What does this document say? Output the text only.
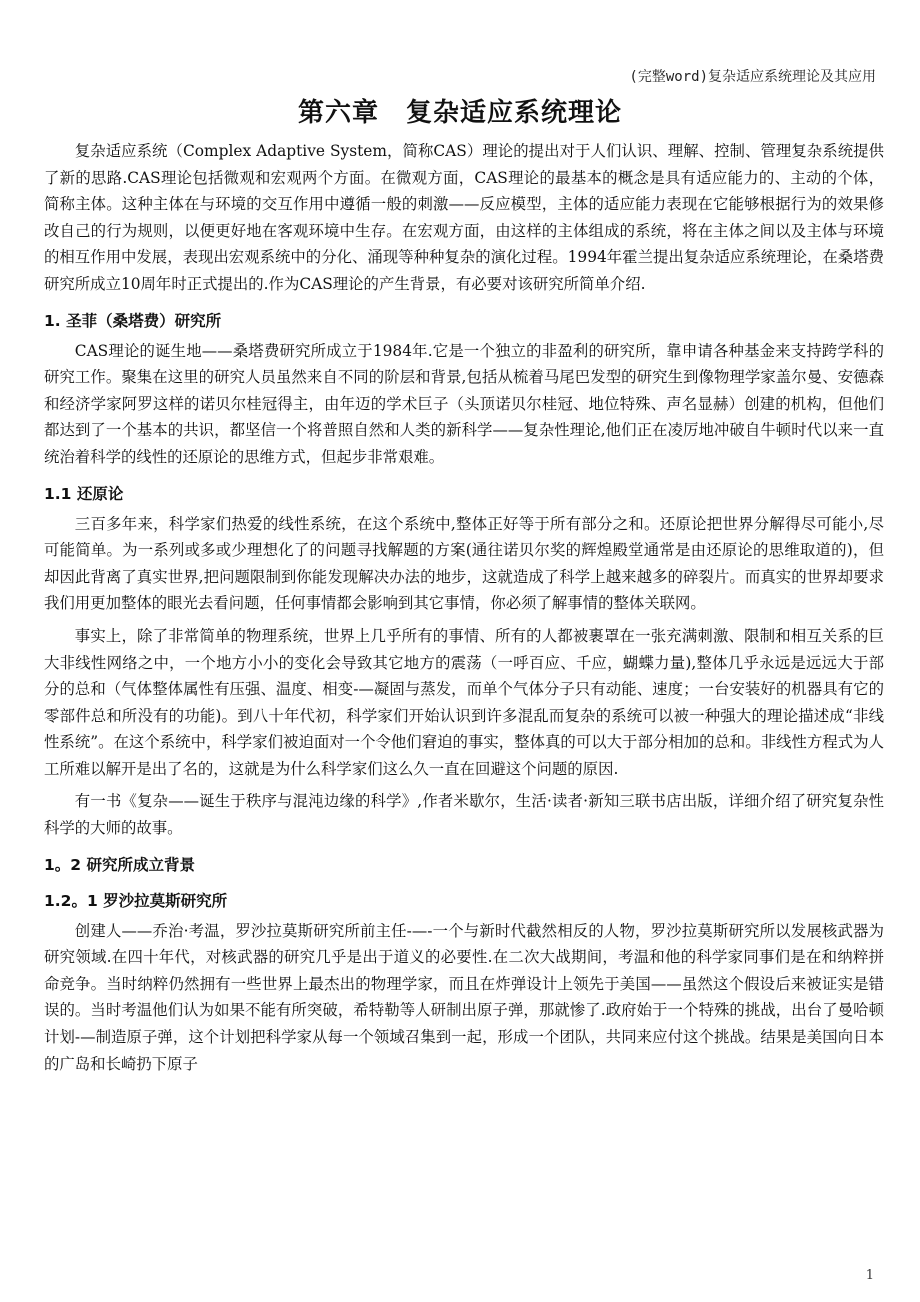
(完整word)复杂适应系统理论及其应用
第六章　复杂适应系统理论

复杂适应系统（Complex Adaptive System，简称CAS）理论的提出对于人们认识、理解、控制、管理复杂系统提供了新的思路.CAS理论包括微观和宏观两个方面。在微观方面，CAS理论的最基本的概念是具有适应能力的、主动的个体，简称主体。这种主体在与环境的交互作用中遵循一般的刺激——反应模型，主体的适应能力表现在它能够根据行为的效果修改自己的行为规则，以便更好地在客观环境中生存。在宏观方面，由这样的主体组成的系统，将在主体之间以及主体与环境的相互作用中发展，表现出宏观系统中的分化、涌现等种种复杂的演化过程。1994年霍兰提出复杂适应系统理论，在桑塔费研究所成立10周年时正式提出的.作为CAS理论的产生背景，有必要对该研究所简单介绍.

1. 圣菲（桑塔费）研究所

CAS理论的诞生地——桑塔费研究所成立于1984年.它是一个独立的非盈利的研究所，靠申请各种基金来支持跨学科的研究工作。聚集在这里的研究人员虽然来自不同的阶层和背景,包括从梳着马尾巴发型的研究生到像物理学家盖尔曼、安德森和经济学家阿罗这样的诺贝尔桂冠得主，由年迈的学术巨子（头顶诺贝尔桂冠、地位特殊、声名显赫）创建的机构，但他们都达到了一个基本的共识，都坚信一个将普照自然和人类的新科学——复杂性理论,他们正在凌厉地冲破自牛顿时代以来一直统治着科学的线性的还原论的思维方式，但起步非常艰难。

1.1 还原论

三百多年来，科学家们热爱的线性系统，在这个系统中,整体正好等于所有部分之和。还原论把世界分解得尽可能小,尽可能简单。为一系列或多或少理想化了的问题寻找解题的方案(通往诺贝尔奖的辉煌殿堂通常是由还原论的思维取道的)，但却因此背离了真实世界,把问题限制到你能发现解决办法的地步，这就造成了科学上越来越多的碎裂片。而真实的世界却要求我们用更加整体的眼光去看问题，任何事情都会影响到其它事情，你必须了解事情的整体关联网。

事实上，除了非常简单的物理系统，世界上几乎所有的事情、所有的人都被裹罩在一张充满刺激、限制和相互关系的巨大非线性网络之中，一个地方小小的变化会导致其它地方的震荡（一呼百应、千应，蝴蝶力量),整体几乎永远是远远大于部分的总和（气体整体属性有压强、温度、相变-—凝固与蒸发，而单个气体分子只有动能、速度；一台安装好的机器具有它的零部件总和所没有的功能)。到八十年代初，科学家们开始认识到许多混乱而复杂的系统可以被一种强大的理论描述成“非线性系统”。在这个系统中，科学家们被迫面对一个令他们窘迫的事实，整体真的可以大于部分相加的总和。非线性方程式为人工所难以解开是出了名的，这就是为什么科学家们这么久一直在回避这个问题的原因.

有一书《复杂——诞生于秩序与混沌边缘的科学》,作者米歇尔，生活·读者·新知三联书店出版，详细介绍了研究复杂性科学的大师的故事。

1。2 研究所成立背景
1.2。1 罗沙拉莫斯研究所

创建人——乔治·考温，罗沙拉莫斯研究所前主任-—-一个与新时代截然相反的人物，罗沙拉莫斯研究所以发展核武器为研究领域.在四十年代，对核武器的研究几乎是出于道义的必要性.在二次大战期间，考温和他的科学家同事们是在和纳粹拼命竞争。当时纳粹仍然拥有一些世界上最杰出的物理学家，而且在炸弹设计上领先于美国——虽然这个假设后来被证实是错误的。当时考温他们认为如果不能有所突破，希特勒等人研制出原子弹，那就惨了.政府始于一个特殊的挑战，出台了曼哈顿计划-—制造原子弹，这个计划把科学家从每一个领域召集到一起，形成一个团队，共同来应付这个挑战。结果是美国向日本的广岛和长崎扔下原子

1
